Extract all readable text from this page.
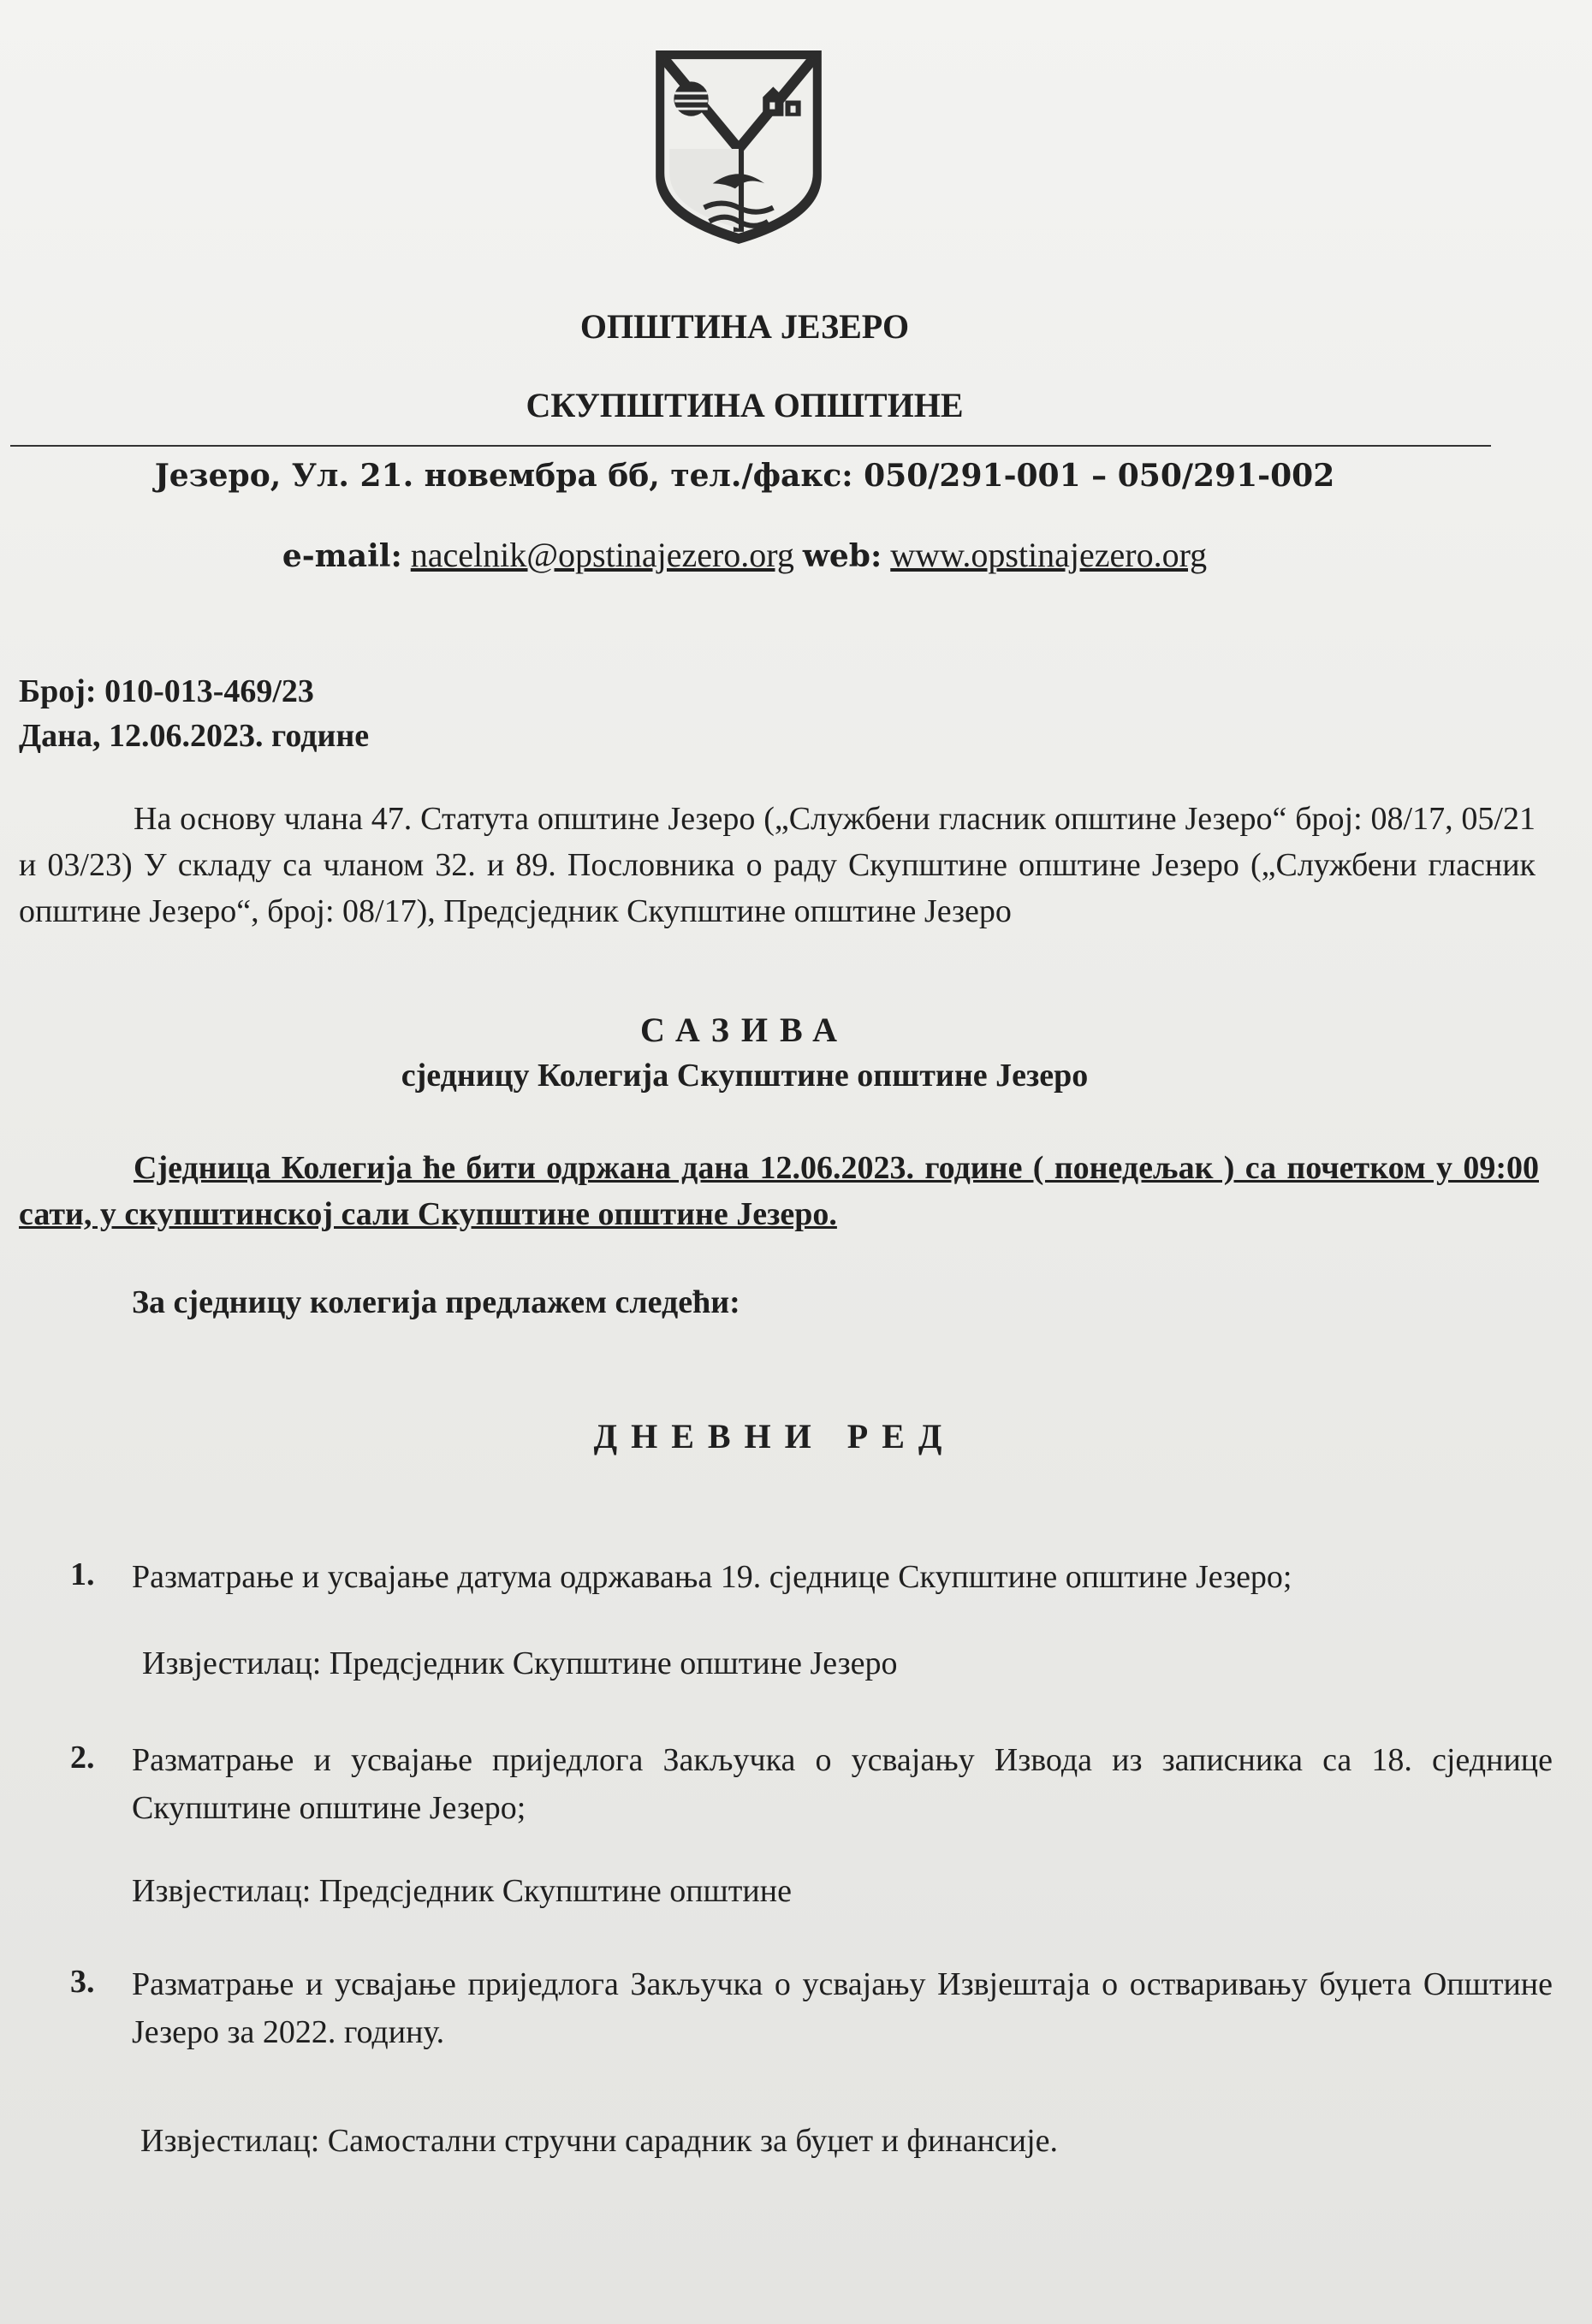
ОПШТИНА ЈЕЗЕРО
СКУПШТИНА ОПШТИНЕ
Језеро, Ул. 21. новембра бб, тел./факс: 050/291-001 – 050/291-002
e-mail: nacelnik@opstinajezero.org web: www.opstinajezero.org
Број: 010-013-469/23
Дана, 12.06.2023. године
На основу члана 47. Статута општине Језеро („Службени гласник општине Језеро“ број: 08/17, 05/21 и 03/23) У складу са чланом 32. и 89. Пословника о раду Скупштине општине Језеро („Службени гласник општине Језеро“, број: 08/17), Предсједник Скупштине општине Језеро
САЗИВА
сједницу Колегија Скупштине општине Језеро
Сједница Колегија ће бити одржана дана 12.06.2023. године ( понедељак ) са почетком у 09:00 сати, у скупштинској сали Скупштине општине Језеро.
За сједницу колегија предлажем следећи:
ДНЕВНИ РЕД
1. Разматрање и усвајање датума одржавања 19. сједнице Скупштине општине Језеро;
Извјестилац: Предсједник Скупштине општине Језеро
2. Разматрање и усвајање приједлога Закључка о усвајању Извода из записника са 18. сједнице Скупштине општине Језеро;
Извјестилац: Предсједник Скупштине општине
3. Разматрање и усвајање приједлога Закључка о усвајању Извјештаја о остваривању буџета Општине Језеро за 2022. годину.
Извјестилац: Самостални стручни сарадник за буџет и финансије.
